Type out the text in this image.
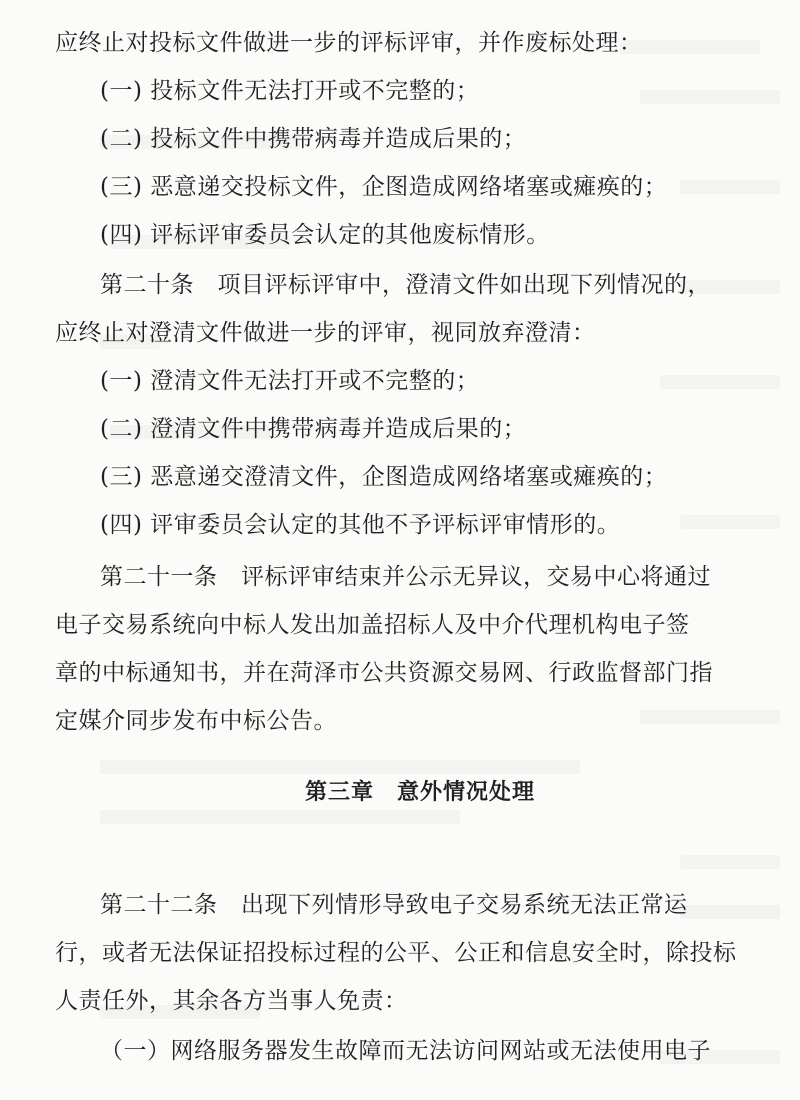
应终止对投标文件做进一步的评标评审，并作废标处理：
(一) 投标文件无法打开或不完整的；
(二) 投标文件中携带病毒并造成后果的；
(三) 恶意递交投标文件，企图造成网络堵塞或瘫痪的；
(四) 评标评审委员会认定的其他废标情形。
第二十条　项目评标评审中，澄清文件如出现下列情况的，
应终止对澄清文件做进一步的评审，视同放弃澄清：
(一) 澄清文件无法打开或不完整的；
(二) 澄清文件中携带病毒并造成后果的；
(三) 恶意递交澄清文件，企图造成网络堵塞或瘫痪的；
(四) 评审委员会认定的其他不予评标评审情形的。
第二十一条　评标评审结束并公示无异议，交易中心将通过
电子交易系统向中标人发出加盖招标人及中介代理机构电子签
章的中标通知书，并在菏泽市公共资源交易网、行政监督部门指
定媒介同步发布中标公告。
第三章　意外情况处理
第二十二条　出现下列情形导致电子交易系统无法正常运
行，或者无法保证招投标过程的公平、公正和信息安全时，除投标
人责任外，其余各方当事人免责：
（一）网络服务器发生故障而无法访问网站或无法使用电子
